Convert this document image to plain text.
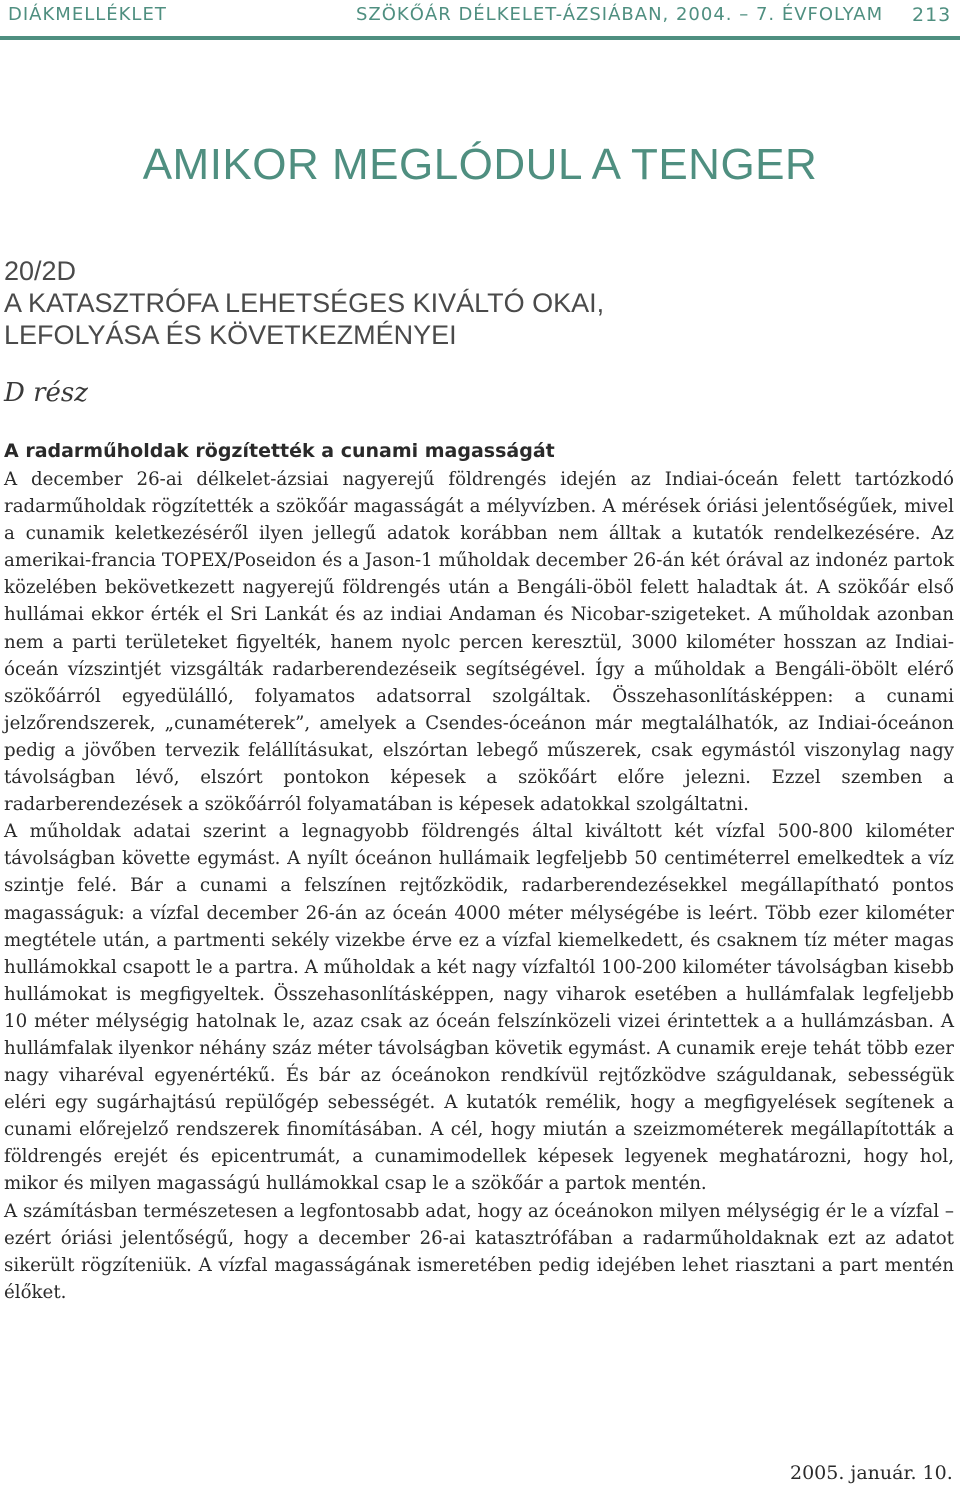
DIÁKMELLÉKLET	SZÖKŐÁR DÉLKELET-ÁZSIÁBAN, 2004. – 7. ÉVFOLYAM 213
AMIKOR MEGLÓDUL A TENGER
20/2D
A KATASZTRÓFA LEHETSÉGES KIVÁLTÓ OKAI,
LEFOLYÁSA ÉS KÖVETKEZMÉNYEI
D rész
A radarműholdak rögzítették a cunami magasságát

A december 26-ai délkelet-ázsiai nagyerejű földrengés idején az Indiai-óceán felett tartózkodó radarműholdak rögzítették a szökőár magasságát a mélyvízben. A mérések óriási jelentőségűek, mivel a cunamik keletkezéséről ilyen jellegű adatok korábban nem álltak a kutatók rendelkezésére. Az amerikai-francia TOPEX/Poseidon és a Jason-1 műholdak december 26-án két órával az indonéz partok közelében bekövetkezett nagyerejű földrengés után a Bengáli-öböl felett haladtak át. A szökőár első hullámai ekkor érték el Sri Lankát és az indiai Andaman és Nicobar-szigeteket. A műholdak azonban nem a parti területeket figyelték, hanem nyolc percen keresztül, 3000 kilométer hosszan az Indiai-óceán vízszintjét vizsgálták radarberendezéseik segítségével. Így a műholdak a Bengáli-öbölt elérő szökőárról egyedülálló, folyamatos adatsorral szolgáltak. Összehasonlításképpen: a cunami jelzőrendszerek, „cunaméterek”, amelyek a Csendes-óceánon már megtalálhatók, az Indiai-óceánon pedig a jövőben tervezik felállításukat, elszórtan lebegő műszerek, csak egymástól viszonylag nagy távolságban lévő, elszórt pontokon képesek a szökőárt előre jelezni. Ezzel szemben a radarberendezések a szökőárról folyamatában is képesek adatokkal szolgáltatni.

A műholdak adatai szerint a legnagyobb földrengés által kiváltott két vízfal 500-800 kilométer távolságban követte egymást. A nyílt óceánon hullámaik legfeljebb 50 centiméterrel emelkedtek a víz szintje felé. Bár a cunami a felszínen rejtőzködik, radarberendezésekkel megállapítható pontos magasságuk: a vízfal december 26-án az óceán 4000 méter mélységébe is leért. Több ezer kilométer megtétele után, a partmenti sekély vizekbe érve ez a vízfal kiemelkedett, és csaknem tíz méter magas hullámokkal csapott le a partra. A műholdak a két nagy vízfaltól 100-200 kilométer távolságban kisebb hullámokat is megfigyeltek. Összehasonlításképpen, nagy viharok esetében a hullámfalak legfeljebb 10 méter mélységig hatolnak le, azaz csak az óceán felszínközeli vizei érintettek a a hullámzásban. A hullámfalak ilyenkor néhány száz méter távolságban követik egymást. A cunamik ereje tehát több ezer nagy viharéval egyenértékű. És bár az óceánokon rendkívül rejtőzködve száguldanak, sebességük eléri egy sugárhajtású repülőgép sebességét. A kutatók remélik, hogy a megfigyelések segítenek a cunami előrejelző rendszerek finomításában. A cél, hogy miután a szeizmométerek megállapították a földrengés erejét és epicentrumát, a cunamimodellek képesek legyenek meghatározni, hogy hol, mikor és milyen magasságú hullámokkal csap le a szökőár a partok mentén.

A számításban természetesen a legfontosabb adat, hogy az óceánokon milyen mélységig ér le a vízfal – ezért óriási jelentőségű, hogy a december 26-ai katasztrófában a radarműholdaknak ezt az adatot sikerült rögzíteniük. A vízfal magasságának ismeretében pedig idejében lehet riasztani a part mentén élőket.

2005. január. 10.
